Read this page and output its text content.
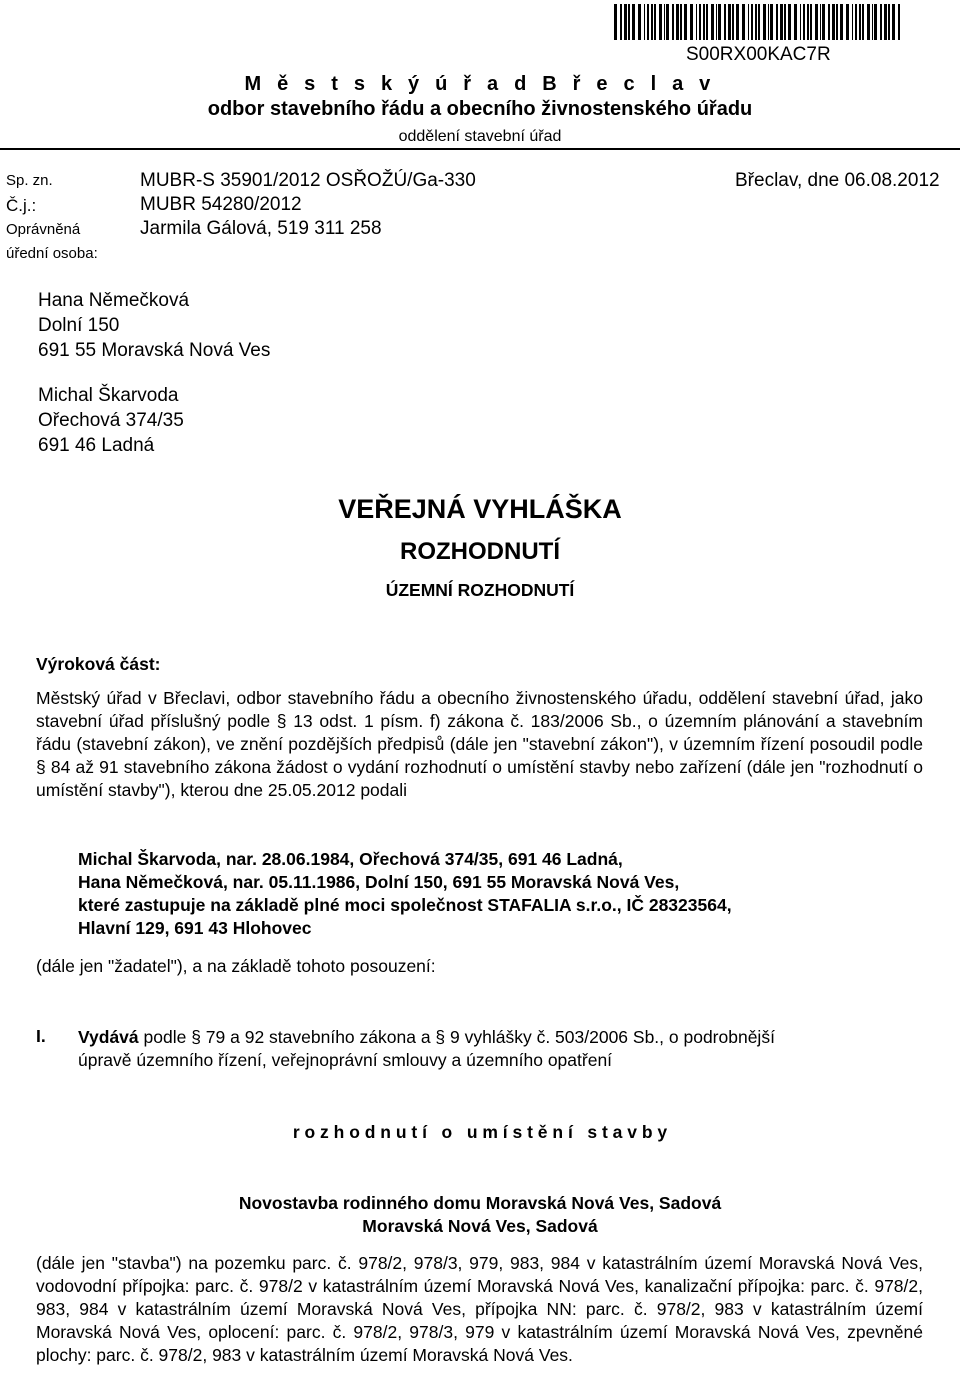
S00RX00KAC7R
M ě s t s k ý ú ř a d B ř e c l a v
odbor stavebního řádu a obecního živnostenského úřadu
oddělení stavební úřad
Sp. zn.	MUBR-S 35901/2012 OSŘOŽÚ/Ga-330	Břeclav, dne 06.08.2012
Č.j.:	MUBR 54280/2012
Oprávněná	Jarmila Gálová, 519 311 258
úřední osoba:
Hana Němečková
Dolní 150
691 55 Moravská Nová Ves
Michal Škarvoda
Ořechová 374/35
691 46 Ladná
VEŘEJNÁ VYHLÁŠKA
ROZHODNUTÍ
ÚZEMNÍ ROZHODNUTÍ
Výroková část:

Městský úřad v Břeclavi, odbor stavebního řádu a obecního živnostenského úřadu, oddělení stavební úřad, jako stavební úřad příslušný podle § 13 odst. 1 písm. f) zákona č. 183/2006 Sb., o územním plánování a stavebním řádu (stavební zákon), ve znění pozdějších předpisů (dále jen "stavební zákon"), v územním řízení posoudil podle § 84 až 91 stavebního zákona žádost o vydání rozhodnutí o umístění stavby nebo zařízení (dále jen "rozhodnutí o umístění stavby"), kterou dne 25.05.2012 podali

Michal Škarvoda, nar. 28.06.1984, Ořechová 374/35, 691 46 Ladná,
Hana Němečková, nar. 05.11.1986, Dolní 150, 691 55 Moravská Nová Ves,
které zastupuje na základě plné moci společnost STAFALIA s.r.o., IČ 28323564,
Hlavní 129, 691 43 Hlohovec
(dále jen "žadatel"), a na základě tohoto posouzení:
I. Vydává podle § 79 a 92 stavebního zákona a § 9 vyhlášky č. 503/2006 Sb., o podrobnější
úpravě územního řízení, veřejnoprávní smlouvy a územního opatření
r o z h o d n u t í   o   u m í s t ě n í   s t a v b y
Novostavba rodinného domu Moravská Nová Ves, Sadová
Moravská Nová Ves, Sadová

(dále jen "stavba") na pozemku parc. č. 978/2, 978/3, 979, 983, 984 v katastrálním území Moravská Nová Ves, vodovodní přípojka: parc. č. 978/2 v katastrálním území Moravská Nová Ves, kanalizační přípojka: parc. č. 978/2, 983, 984 v katastrálním území Moravská Nová Ves, přípojka NN: parc. č. 978/2, 983 v katastrálním území Moravská Nová Ves, oplocení: parc. č. 978/2, 978/3, 979 v katastrálním území Moravská Nová Ves, zpevněné plochy: parc. č. 978/2, 983 v katastrálním území Moravská Nová Ves.
